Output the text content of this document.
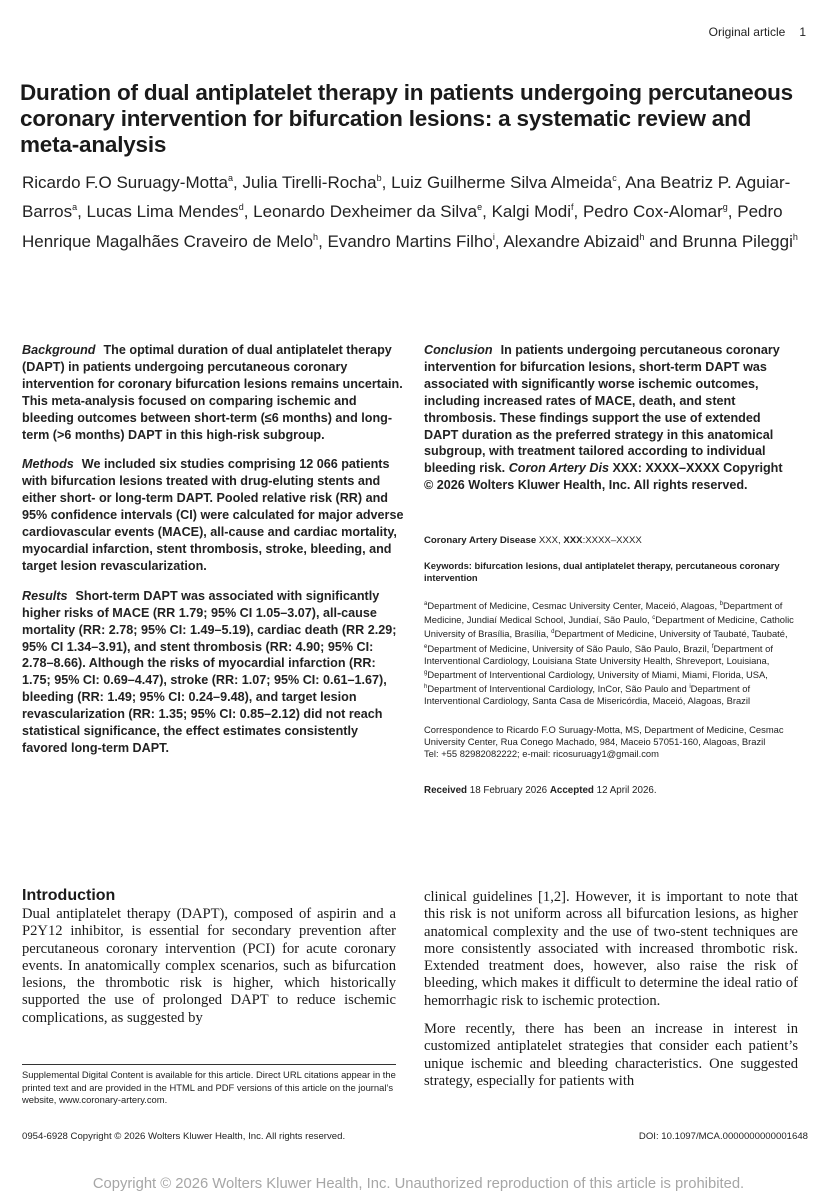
Original article 1
Duration of dual antiplatelet therapy in patients undergoing percutaneous coronary intervention for bifurcation lesions: a systematic review and meta-analysis
Ricardo F.O Suruagy-Motta$^a$, Julia Tirelli-Rocha$^b$, Luiz Guilherme Silva Almeida$^c$, Ana Beatriz P. Aguiar-Barros$^a$, Lucas Lima Mendes$^d$, Leonardo Dexheimer da Silva$^e$, Kalgi Modi$^f$, Pedro Cox-Alomar$^g$, Pedro Henrique Magalhães Craveiro de Melo$^h$, Evandro Martins Filho$^i$, Alexandre Abizaid$^h$ and Brunna Pileggi$^h$

Background The optimal duration of dual antiplatelet therapy (DAPT) in patients undergoing percutaneous coronary intervention for coronary bifurcation lesions remains uncertain. This meta-analysis focused on comparing ischemic and bleeding outcomes between short-term (≤6 months) and long-term (>6 months) DAPT in this high-risk subgroup.

Methods We included six studies comprising 12 066 patients with bifurcation lesions treated with drug-eluting stents and either short- or long-term DAPT. Pooled relative risk (RR) and 95% confidence intervals (CI) were calculated for major adverse cardiovascular events (MACE), all-cause and cardiac mortality, myocardial infarction, stent thrombosis, stroke, bleeding, and target lesion revascularization.

Results Short-term DAPT was associated with significantly higher risks of MACE (RR 1.79; 95% CI 1.05–3.07), all-cause mortality (RR: 2.78; 95% CI: 1.49–5.19), cardiac death (RR 2.29; 95% CI 1.34–3.91), and stent thrombosis (RR: 4.90; 95% CI: 2.78–8.66). Although the risks of myocardial infarction (RR: 1.75; 95% CI: 0.69–4.47), stroke (RR: 1.07; 95% CI: 0.61–1.67), bleeding (RR: 1.49; 95% CI: 0.24–9.48), and target lesion revascularization (RR: 1.35; 95% CI: 0.85–2.12) did not reach statistical significance, the effect estimates consistently favored long-term DAPT.

Conclusion In patients undergoing percutaneous coronary intervention for bifurcation lesions, short-term DAPT was associated with significantly worse ischemic outcomes, including increased rates of MACE, death, and stent thrombosis. These findings support the use of extended DAPT duration as the preferred strategy in this anatomical subgroup, with treatment tailored according to individual bleeding risk. Coron Artery Dis XXX: XXXX–XXXX Copyright © 2026 Wolters Kluwer Health, Inc. All rights reserved.

Coronary Artery Disease XXX, XXX:XXXX–XXXX
Keywords: bifurcation lesions, dual antiplatelet therapy, percutaneous coronary intervention
$^a$Department of Medicine, Cesmac University Center, Maceió, Alagoas, $^b$Department of Medicine, Jundiaí Medical School, Jundiaí, São Paulo, $^c$Department of Medicine, Catholic University of Brasília, Brasília, $^d$Department of Medicine, University of Taubaté, Taubaté, $^e$Department of Medicine, University of São Paulo, São Paulo, Brazil, $^f$Department of Interventional Cardiology, Louisiana State University Health, Shreveport, Louisiana, $^g$Department of Interventional Cardiology, University of Miami, Miami, Florida, USA, $^h$Department of Interventional Cardiology, InCor, São Paulo and $^i$Department of Interventional Cardiology, Santa Casa de Misericórdia, Maceió, Alagoas, Brazil
Correspondence to Ricardo F.O Suruagy-Motta, MS, Department of Medicine, Cesmac University Center, Rua Conego Machado, 984, Maceio 57051-160, Alagoas, Brazil
Tel: +55 82982082222; e-mail: ricosuruagy1@gmail.com
Received 18 February 2026 Accepted 12 April 2026.
Introduction

Dual antiplatelet therapy (DAPT), composed of aspirin and a P2Y12 inhibitor, is essential for secondary prevention after percutaneous coronary intervention (PCI) for acute coronary events. In anatomically complex scenarios, such as bifurcation lesions, the thrombotic risk is higher, which historically supported the use of prolonged DAPT to reduce ischemic complications, as suggested by

clinical guidelines [1,2]. However, it is important to note that this risk is not uniform across all bifurcation lesions, as higher anatomical complexity and the use of two-stent techniques are more consistently associated with increased thrombotic risk. Extended treatment does, however, also raise the risk of bleeding, which makes it difficult to determine the ideal ratio of hemorrhagic risk to ischemic protection.

More recently, there has been an increase in interest in customized antiplatelet strategies that consider each patient’s unique ischemic and bleeding characteristics. One suggested strategy, especially for patients with

Supplemental Digital Content is available for this article. Direct URL citations appear in the printed text and are provided in the HTML and PDF versions of this article on the journal’s website, www.coronary-artery.com.
0954-6928 Copyright © 2026 Wolters Kluwer Health, Inc. All rights reserved.	DOI: 10.1097/MCA.0000000000001648
Copyright © 2026 Wolters Kluwer Health, Inc. Unauthorized reproduction of this article is prohibited.
